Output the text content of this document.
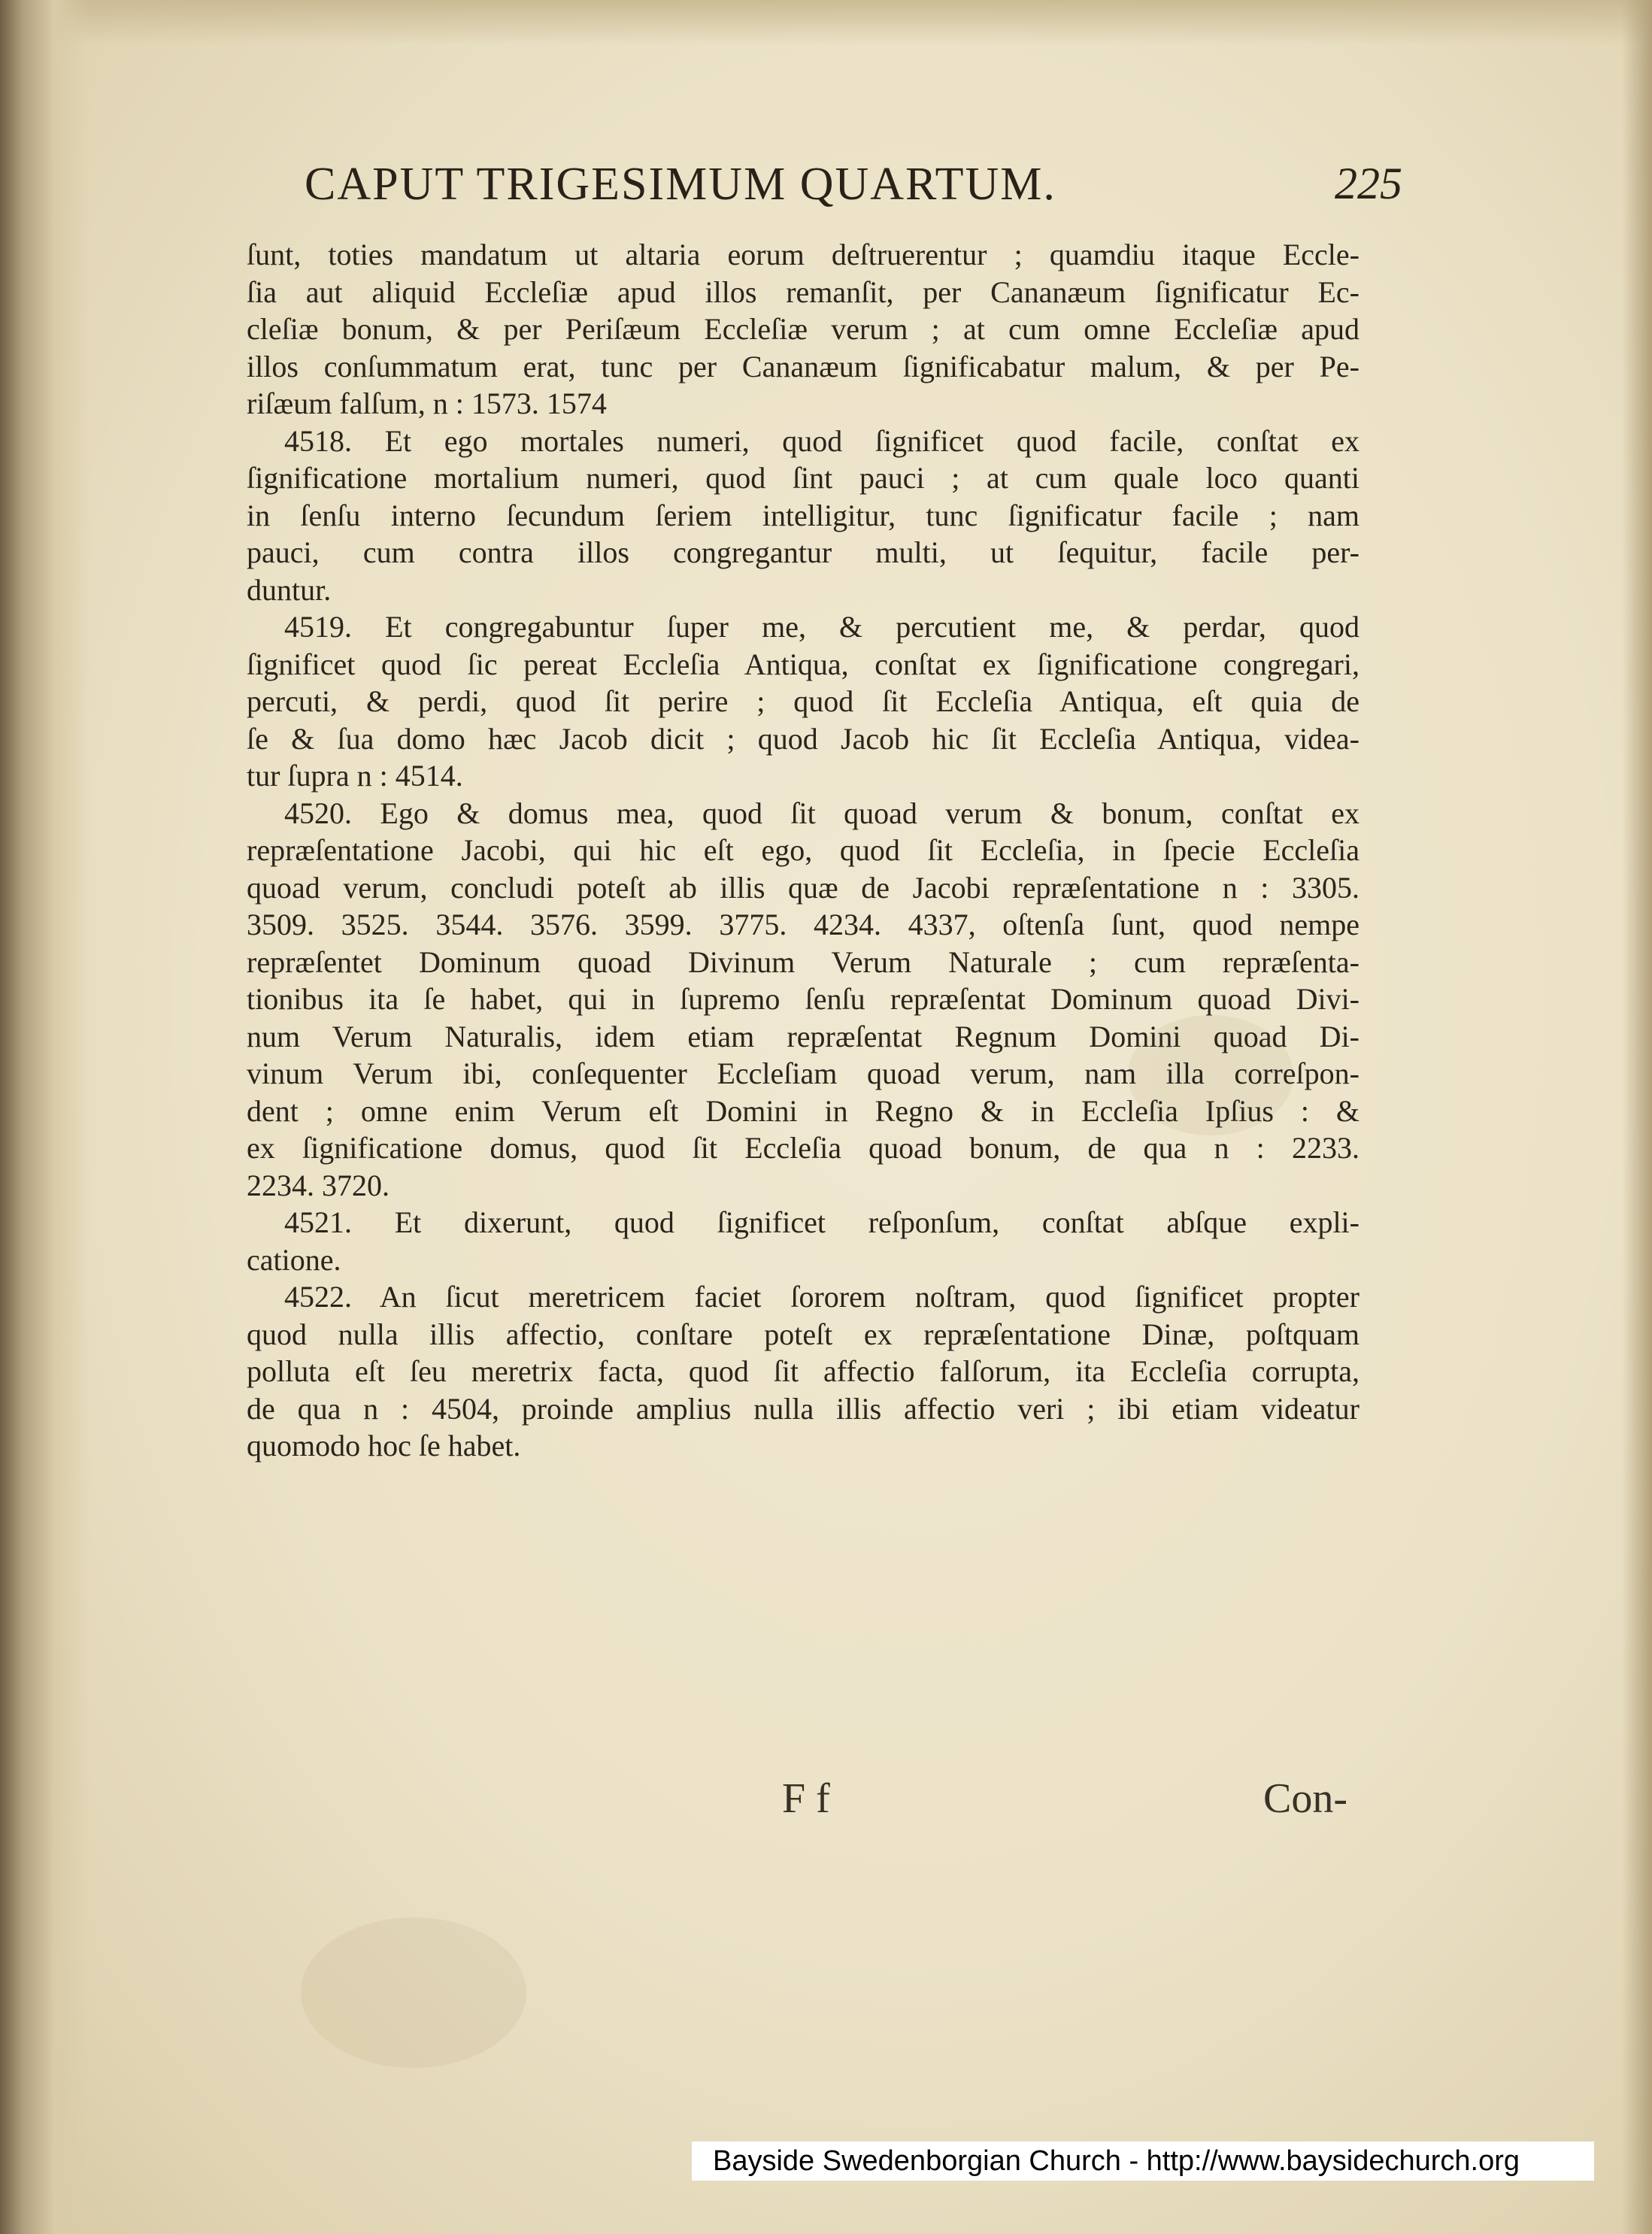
CAPUT TRIGESIMUM QUARTUM.	225
ſunt, toties mandatum ut altaria eorum deſtruerentur ; quamdiu itaque Eccle-
ſia aut aliquid Eccleſiæ apud illos remanſit, per Cananæum ſignificatur Ec-
cleſiæ bonum, & per Periſæum Eccleſiæ verum ; at cum omne Eccleſiæ apud
illos conſummatum erat, tunc per Cananæum ſignificabatur malum, & per Pe-
riſæum falſum, n : 1573. 1574
4518. Et ego mortales numeri, quod ſignificet quod facile, conſtat ex
ſignificatione mortalium numeri, quod ſint pauci ; at cum quale loco quanti
in ſenſu interno ſecundum ſeriem intelligitur, tunc ſignificatur facile ; nam
pauci, cum contra illos congregantur multi, ut ſequitur, facile per-
duntur.
4519. Et congregabuntur ſuper me, & percutient me, & perdar, quod
ſignificet quod ſic pereat Eccleſia Antiqua, conſtat ex ſignificatione congregari,
percuti, & perdi, quod ſit perire ; quod ſit Eccleſia Antiqua, eſt quia de
ſe & ſua domo hæc Jacob dicit ; quod Jacob hic ſit Eccleſia Antiqua, videa-
tur ſupra n : 4514.
4520. Ego & domus mea, quod ſit quoad verum & bonum, conſtat ex
repræſentatione Jacobi, qui hic eſt ego, quod ſit Eccleſia, in ſpecie Eccleſia
quoad verum, concludi poteſt ab illis quæ de Jacobi repræſentatione n : 3305.
3509. 3525. 3544. 3576. 3599. 3775. 4234. 4337, oſtenſa ſunt, quod nempe
repræſentet Dominum quoad Divinum Verum Naturale ; cum repræſenta-
tionibus ita ſe habet, qui in ſupremo ſenſu repræſentat Dominum quoad Divi-
num Verum Naturalis, idem etiam repræſentat Regnum Domini quoad Di-
vinum Verum ibi, conſequenter Eccleſiam quoad verum, nam illa correſpon-
dent ; omne enim Verum eſt Domini in Regno & in Eccleſia Ipſius : &
ex ſignificatione domus, quod ſit Eccleſia quoad bonum, de qua n : 2233.
2234. 3720.
4521. Et dixerunt, quod ſignificet reſponſum, conſtat abſque expli-
catione.
4522. An ſicut meretricem faciet ſororem noſtram, quod ſignificet propter
quod nulla illis affectio, conſtare poteſt ex repræſentatione Dinæ, poſtquam
polluta eſt ſeu meretrix facta, quod ſit affectio falſorum, ita Eccleſia corrupta,
de qua n : 4504, proinde amplius nulla illis affectio veri ; ibi etiam videatur
quomodo hoc ſe habet.
F f	Con-
Bayside Swedenborgian Church - http://www.baysidechurch.org
